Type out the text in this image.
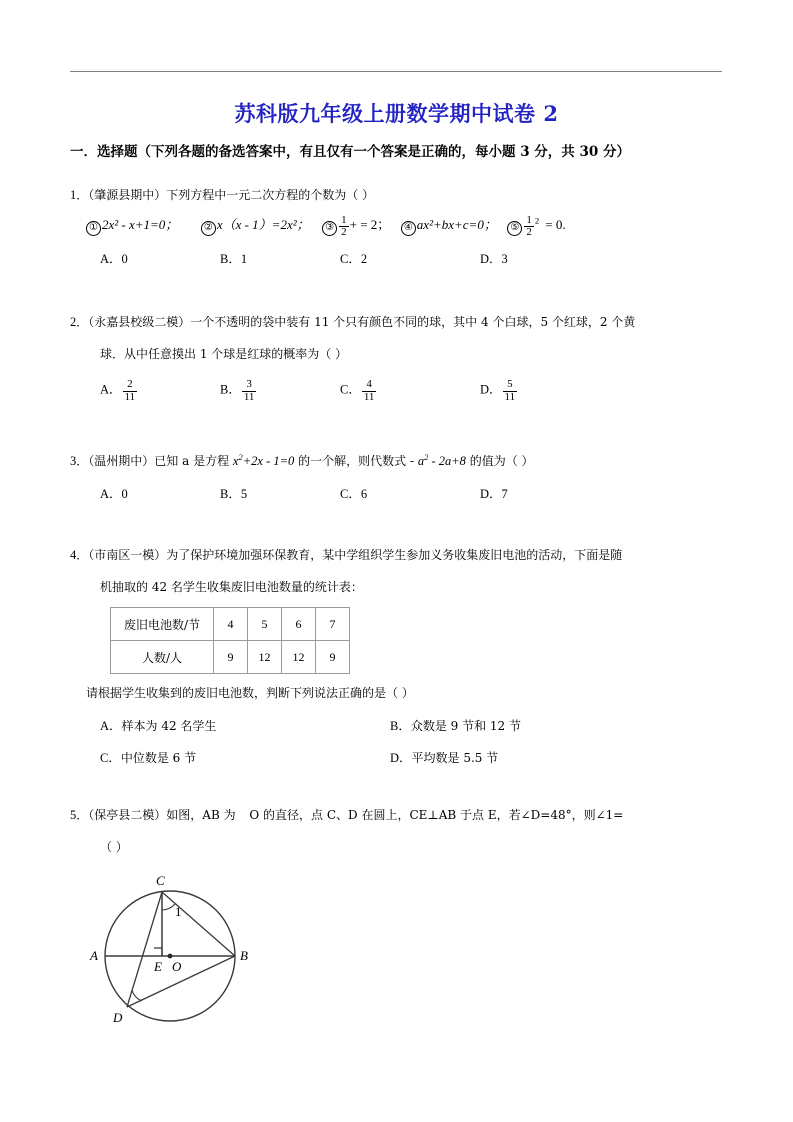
苏科版九年级上册数学期中试卷 2
一．选择题（下列各题的备选答案中，有且仅有一个答案是正确的，每小题 3 分，共 30 分）
1．（肇源县期中）下列方程中一元二次方程的个数为（ ）
① 2x² - x+1=0；	② x（x - 1）=2x²； ③ $\frac{1}{2}$ + = 2； ④ ax²+bx+c=0； ⑤ $\frac{1}{2} ^2 = 0$.
A．0	B．1	C．2	D．3
2．（永嘉县校级二模）一个不透明的袋中装有 11 个只有颜色不同的球，其中 4 个白球，5 个红球，2 个黄
球．从中任意摸出 1 个球是红球的概率为（ ）
A． $\frac{2}{11}$	B． $\frac{3}{11}$	C． $\frac{4}{11}$	D． $\frac{5}{11}$
3．（温州期中）已知 a 是方程 $x^2+2x - 1=0$ 的一个解，则代数式 - $a^2 - 2a+8$ 的值为（ ）
A．0	B．5	C．6	D．7
4．（市南区一模）为了保护环境加强环保教育，某中学组织学生参加义务收集废旧电池的活动，下面是随
机抽取的 42 名学生收集废旧电池数量的统计表：
废旧电池数/节	4	5	6	7
人数/人	9	12	12	9
请根据学生收集到的废旧电池数，判断下列说法正确的是（ ）
A．样本为 42 名学生	B．众数是 9 节和 12 节
C．中位数是 6 节	D．平均数是 5.5 节
5．（保亭县二模）如图，AB 为 O 的直径，点 C、D 在圆上，CE⊥AB 于点 E，若∠D=48°，则∠1=
（ ）
A	B
C
D
E O
1
